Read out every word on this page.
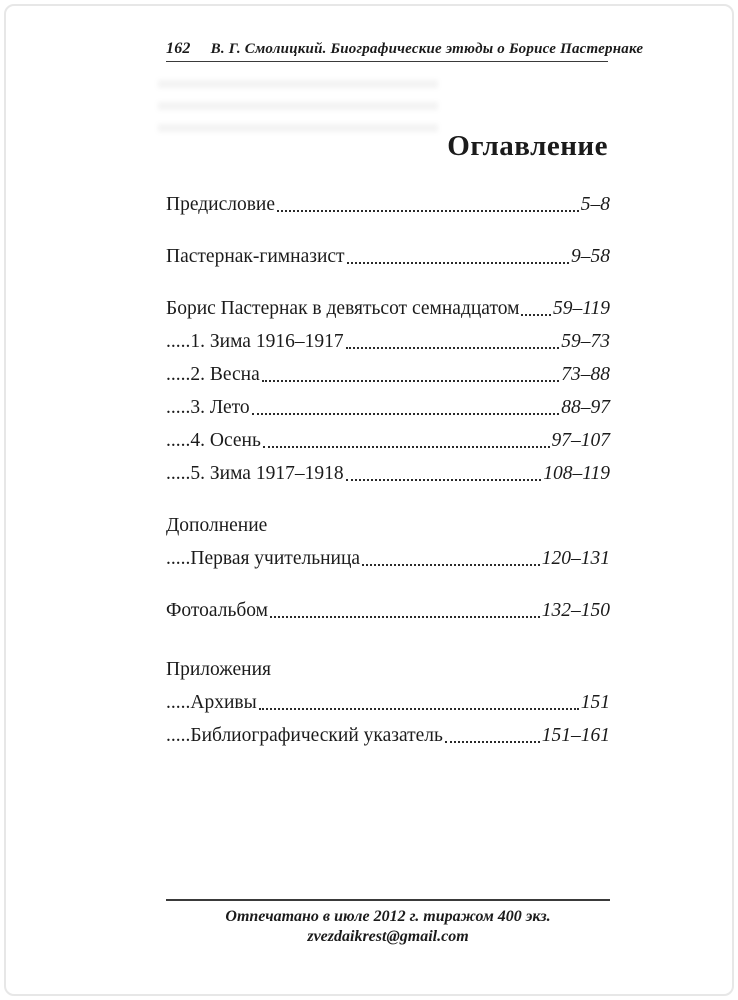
162 В. Г. Смолицкий. Биографические этюды о Борисе Пастернаке
Оглавление
Предисловие	5–8
Пастернак-гимназист	9–58
Борис Пастернак в девятьсот семнадцатом 59–119
.....1. Зима 1916–1917	59–73
.....2. Весна	73–88
.....3. Лето	88–97
.....4. Осень	97–107
.....5. Зима 1917–1918	108–119
Дополнение
.....Первая учительница	120–131
Фотоальбом	132–150
Приложения
.....Архивы	151
.....Библиографический указатель	151–161
Отпечатано в июле 2012 г. тиражом 400 экз.
zvezdaikrest@gmail.com
